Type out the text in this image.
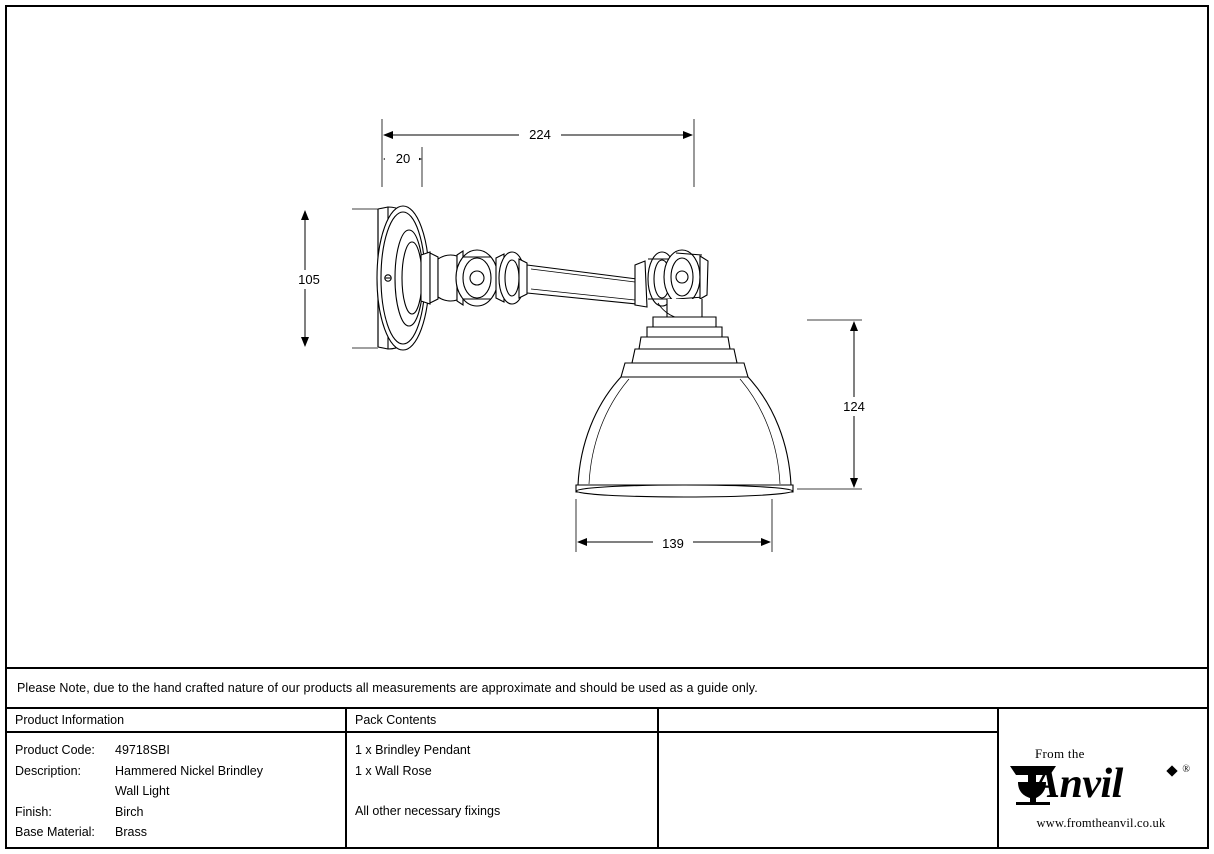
224
20
105
124
139
Please Note, due to the hand crafted nature of our products all measurements are approximate and should be used as a guide only.
Product Information
Product Code:	49718SBI
Description:	Hammered Nickel Brindley
Wall Light
Finish:	Birch
Base Material:	Brass
Pack Contents
1 x Brindley Pendant
1 x Wall Rose
All other necessary fixings
From the
Anvil	®
www.fromtheanvil.co.uk
